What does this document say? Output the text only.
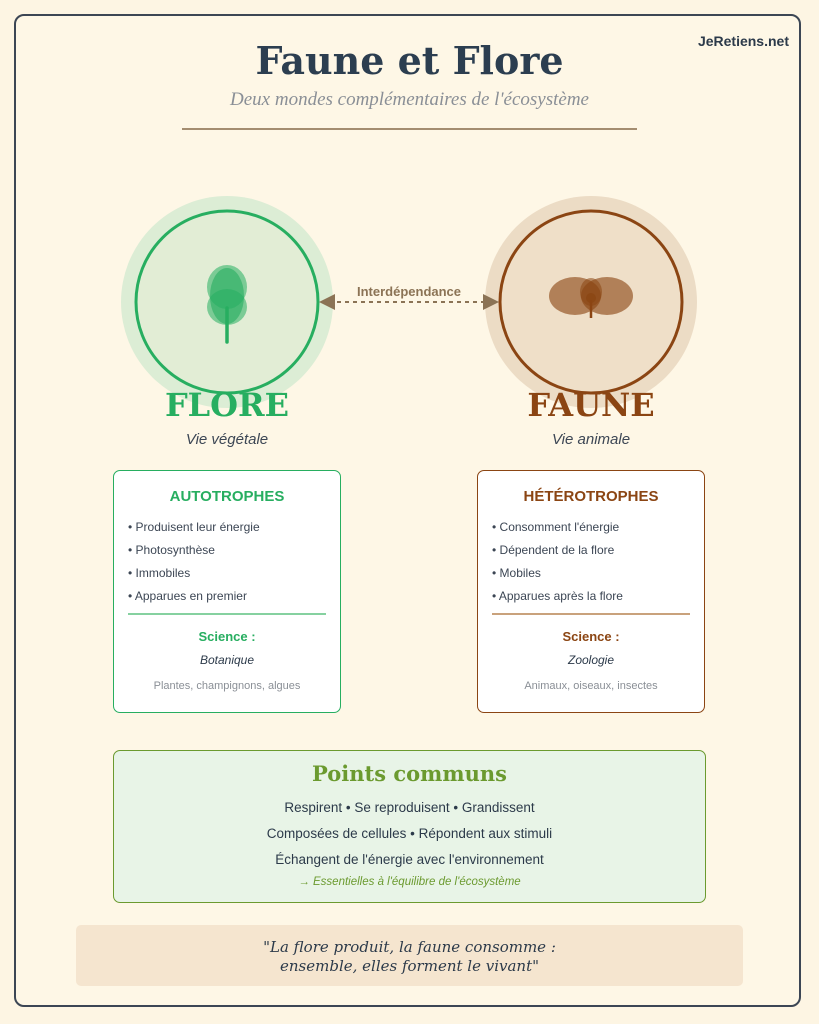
JeRetiens.net
Faune et Flore
Deux mondes complémentaires de l'écosystème
Interdépendance
FLORE
Vie végétale
FAUNE
Vie animale
AUTOTROPHES
• Produisent leur énergie
• Photosynthèse
• Immobiles
• Apparues en premier
Science :
Botanique
Plantes, champignons, algues
HÉTÉROTROPHES
• Consomment l'énergie
• Dépendent de la flore
• Mobiles
• Apparues après la flore
Science :
Zoologie
Animaux, oiseaux, insectes
Points communs
Respirent • Se reproduisent • Grandissent
Composées de cellules • Répondent aux stimuli
Échangent de l'énergie avec l'environnement
→ Essentielles à l'équilibre de l'écosystème
"La flore produit, la faune consomme :
ensemble, elles forment le vivant"
